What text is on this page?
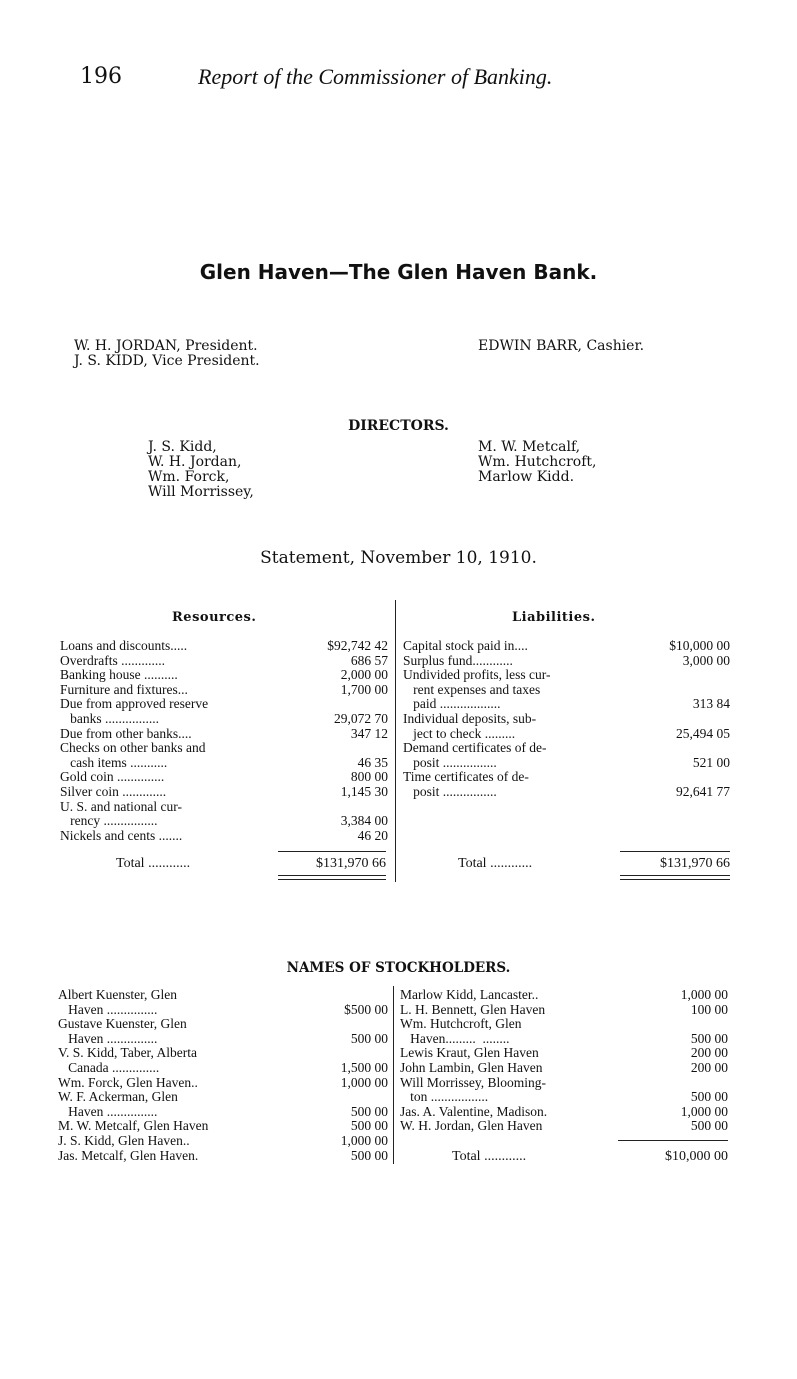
196	Report of the Commissioner of Banking.
Glen Haven—The Glen Haven Bank.
W. H. JORDAN, President.
J. S. KIDD, Vice President.
EDWIN BARR, Cashier.
DIRECTORS.
J. S. Kidd,
W. H. Jordan,
Wm. Forck,
Will Morrissey,
M. W. Metcalf,
Wm. Hutchcroft,
Marlow Kidd.
Statement, November 10, 1910.
Resources.	Liabilities.
Loans and discounts.....	$92,742 42
Overdrafts .............	686 57
Banking house ..........	2,000 00
Furniture and fixtures...	1,700 00
Due from approved reserve
banks ................	29,072 70
Due from other banks....	347 12
Checks on other banks and
cash items ...........	46 35
Gold coin ..............	800 00
Silver coin .............	1,145 30
U. S. and national cur-
rency ................	3,384 00
Nickels and cents .......	46 20
Capital stock paid in....	$10,000 00
Surplus fund............	3,000 00
Undivided profits, less cur-
rent expenses and taxes
paid ..................	313 84
Individual deposits, sub-
ject to check .........	25,494 05
Demand certificates of de-
posit ................	521 00
Time certificates of de-
posit ................	92,641 77
Total ............	$131,970 66	Total ............	$131,970 66
NAMES OF STOCKHOLDERS.
Albert Kuenster, Glen
Haven ...............	$500 00
Gustave Kuenster, Glen
Haven ...............	500 00
V. S. Kidd, Taber, Alberta
Canada ..............	1,500 00
Wm. Forck, Glen Haven..	1,000 00
W. F. Ackerman, Glen
Haven ...............	500 00
M. W. Metcalf, Glen Haven	500 00
J. S. Kidd, Glen Haven..	1,000 00
Jas. Metcalf, Glen Haven.	500 00
Marlow Kidd, Lancaster..	1,000 00
L. H. Bennett, Glen Haven	100 00
Wm. Hutchcroft, Glen
Haven.........  ........	500 00
Lewis Kraut, Glen Haven	200 00
John Lambin, Glen Haven	200 00
Will Morrissey, Blooming-
ton .................	500 00
Jas. A. Valentine, Madison.	1,000 00
W. H. Jordan, Glen Haven	500 00
Total ............	$10,000 00
